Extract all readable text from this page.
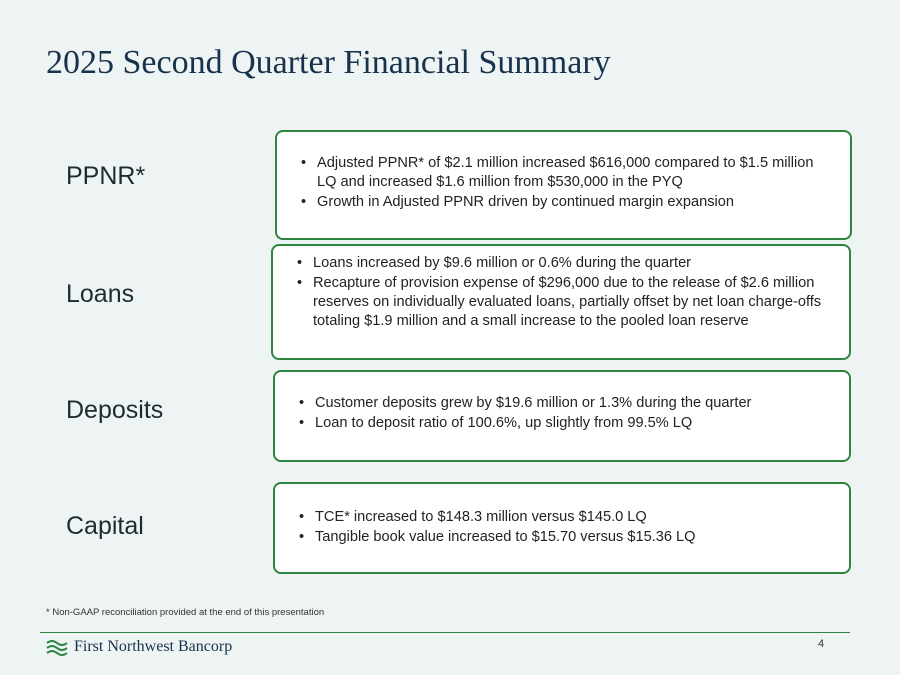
2025 Second Quarter Financial Summary
PPNR*	• Adjusted PPNR* of $2.1 million increased $616,000 compared to $1.5 million LQ and increased $1.6 million from $530,000 in the PYQ
• Growth in Adjusted PPNR driven by continued margin expansion
Loans
• Loans increased by $9.6 million or 0.6% during the quarter
• Recapture of provision expense of $296,000 due to the release of $2.6 million reserves on individually evaluated loans, partially offset by net loan charge-offs totaling $1.9 million and a small increase to the pooled loan reserve
Deposits	• Customer deposits grew by $19.6 million or 1.3% during the quarter
• Loan to deposit ratio of 100.6%, up slightly from 99.5% LQ
Capital	• TCE* increased to $148.3 million versus $145.0 LQ
• Tangible book value increased to $15.70 versus $15.36 LQ
* Non-GAAP reconciliation provided at the end of this presentation
First Northwest Bancorp	4
